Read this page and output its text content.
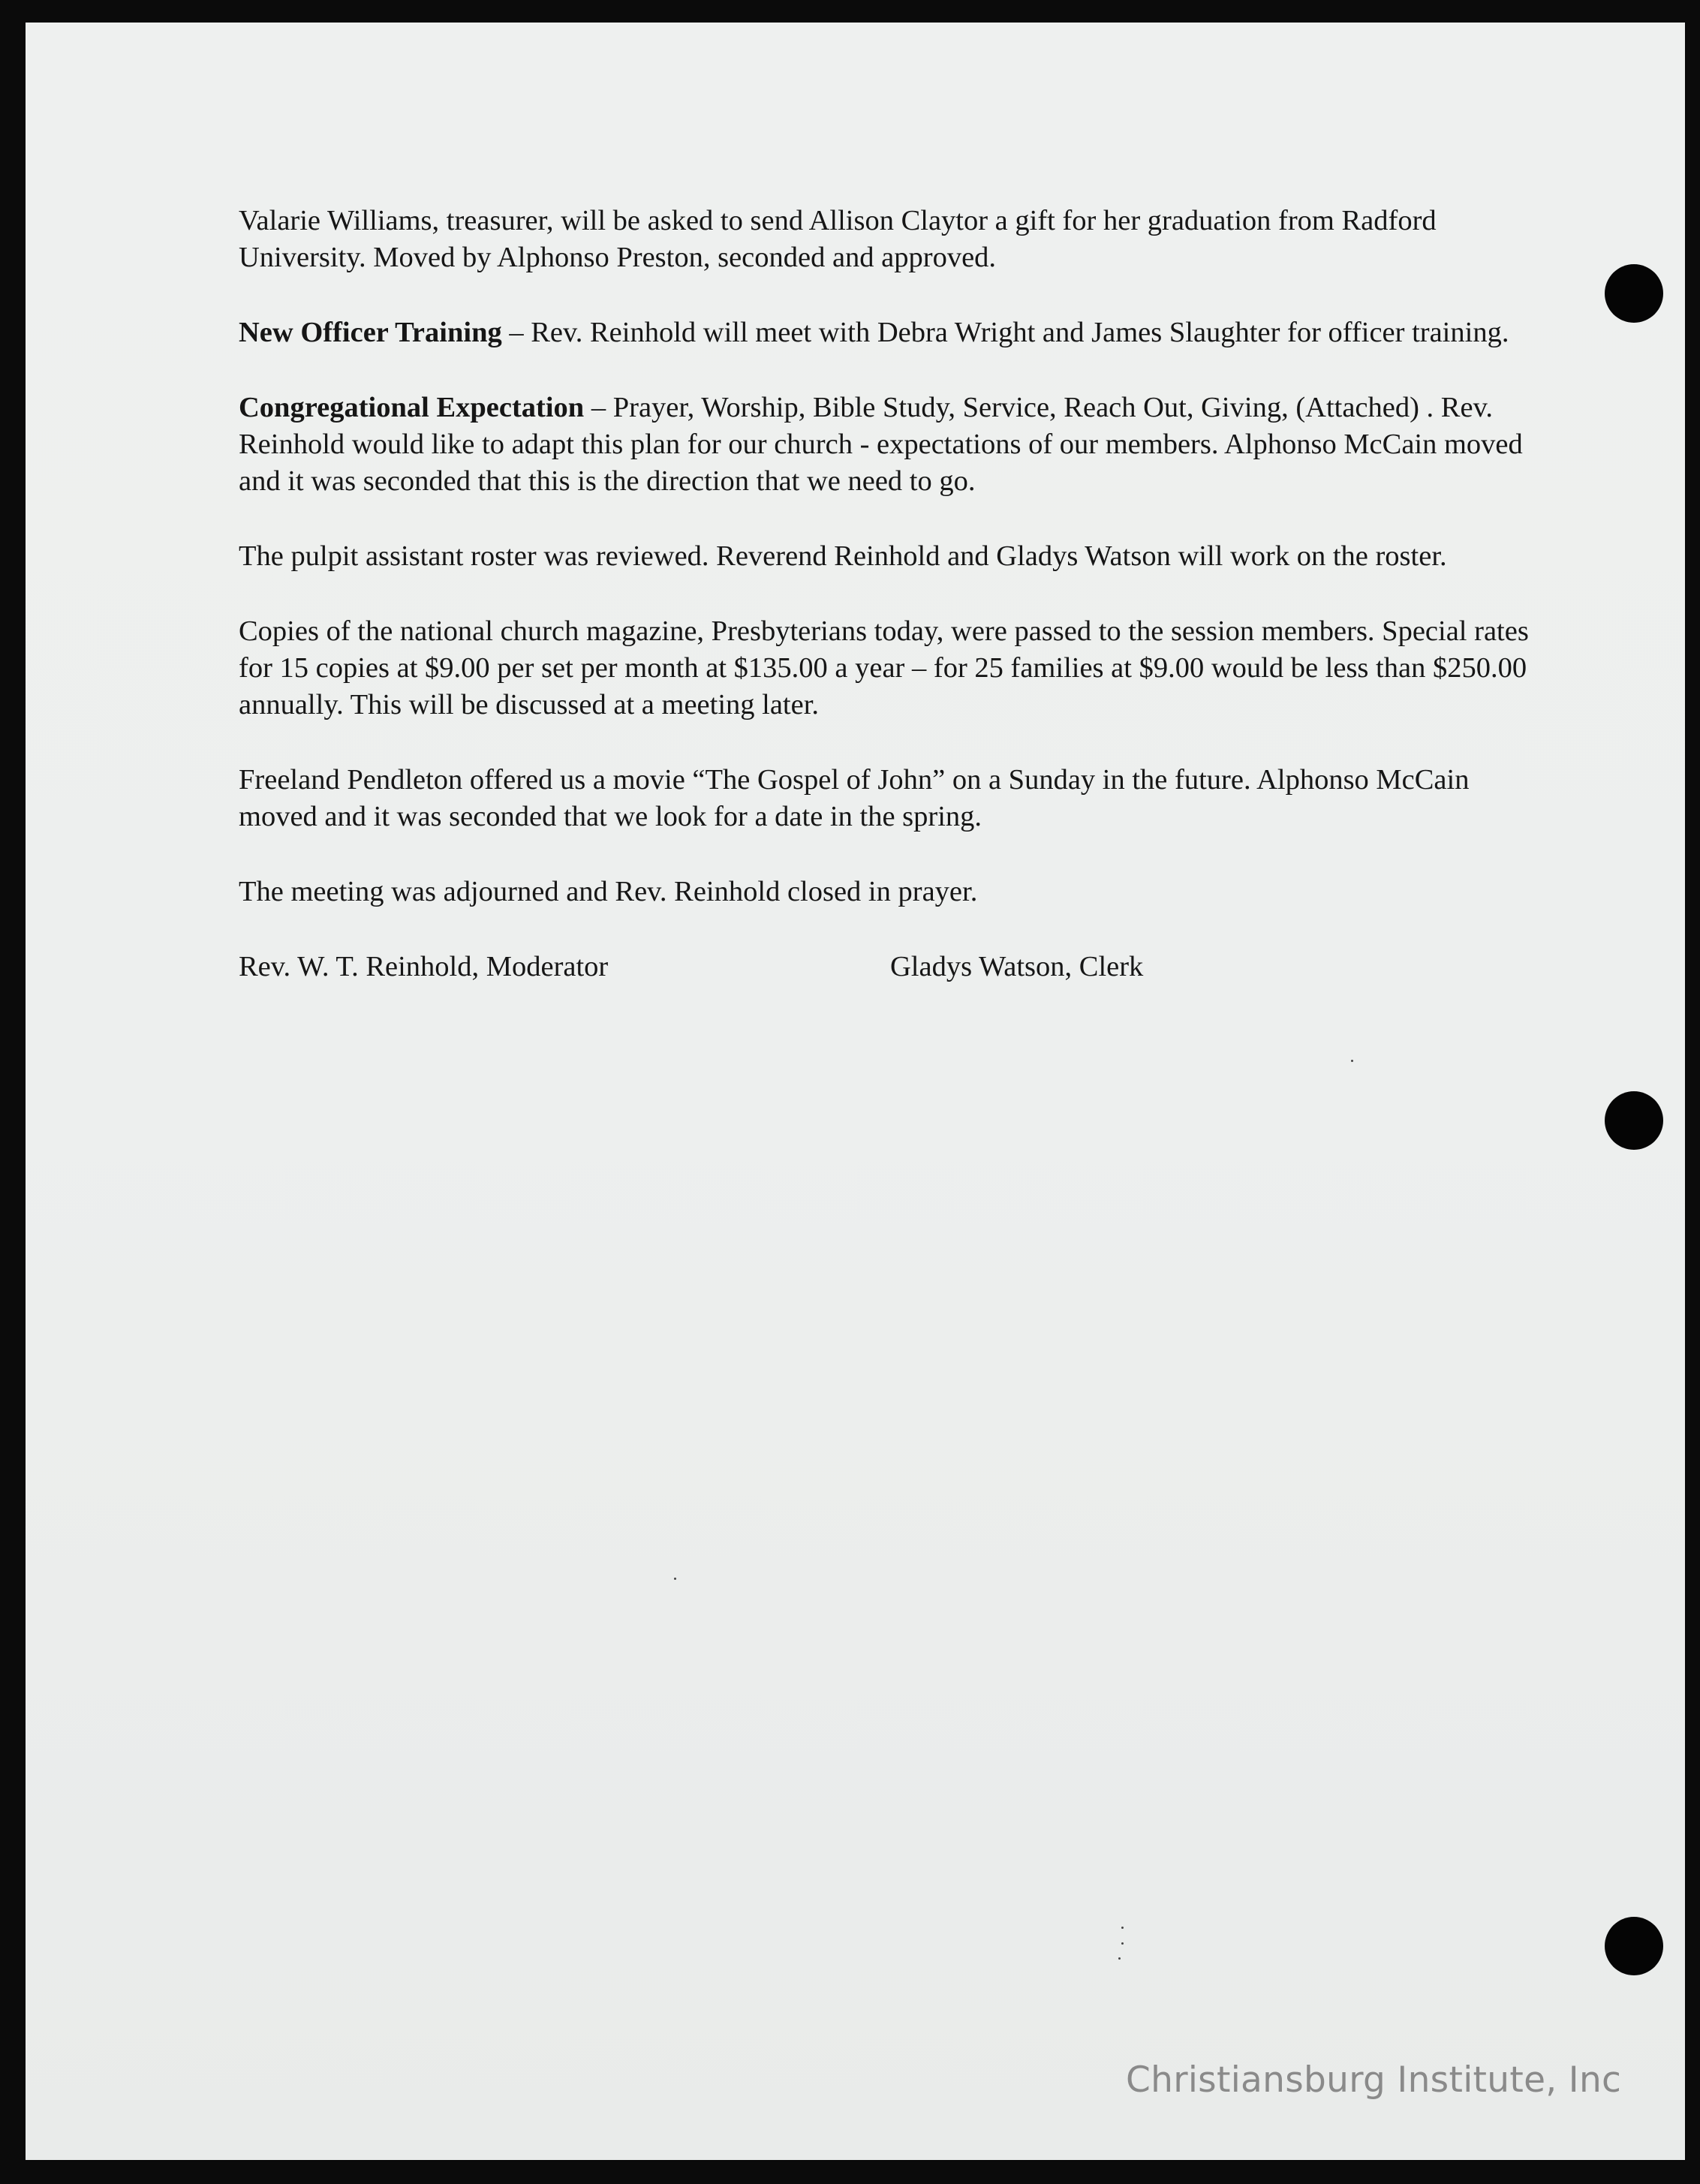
Valarie Williams, treasurer, will be asked to send Allison Claytor a gift for her graduation from Radford University. Moved by Alphonso Preston, seconded and approved.

New Officer Training – Rev. Reinhold will meet with Debra Wright and James Slaughter for officer training.

Congregational Expectation – Prayer, Worship, Bible Study, Service, Reach Out, Giving, (Attached) . Rev. Reinhold would like to adapt this plan for our church - expectations of our members. Alphonso McCain moved and it was seconded that this is the direction that we need to go.

The pulpit assistant roster was reviewed. Reverend Reinhold and Gladys Watson will work on the roster.

Copies of the national church magazine, Presbyterians today, were passed to the session members. Special rates for 15 copies at $9.00 per set per month at $135.00 a year – for 25 families at $9.00 would be less than $250.00 annually. This will be discussed at a meeting later.

Freeland Pendleton offered us a movie “The Gospel of John” on a Sunday in the future. Alphonso McCain moved and it was seconded that we look for a date in the spring.

The meeting was adjourned and Rev. Reinhold closed in prayer.

Rev. W. T. Reinhold, Moderator	Gladys Watson, Clerk
Christiansburg Institute, Inc
